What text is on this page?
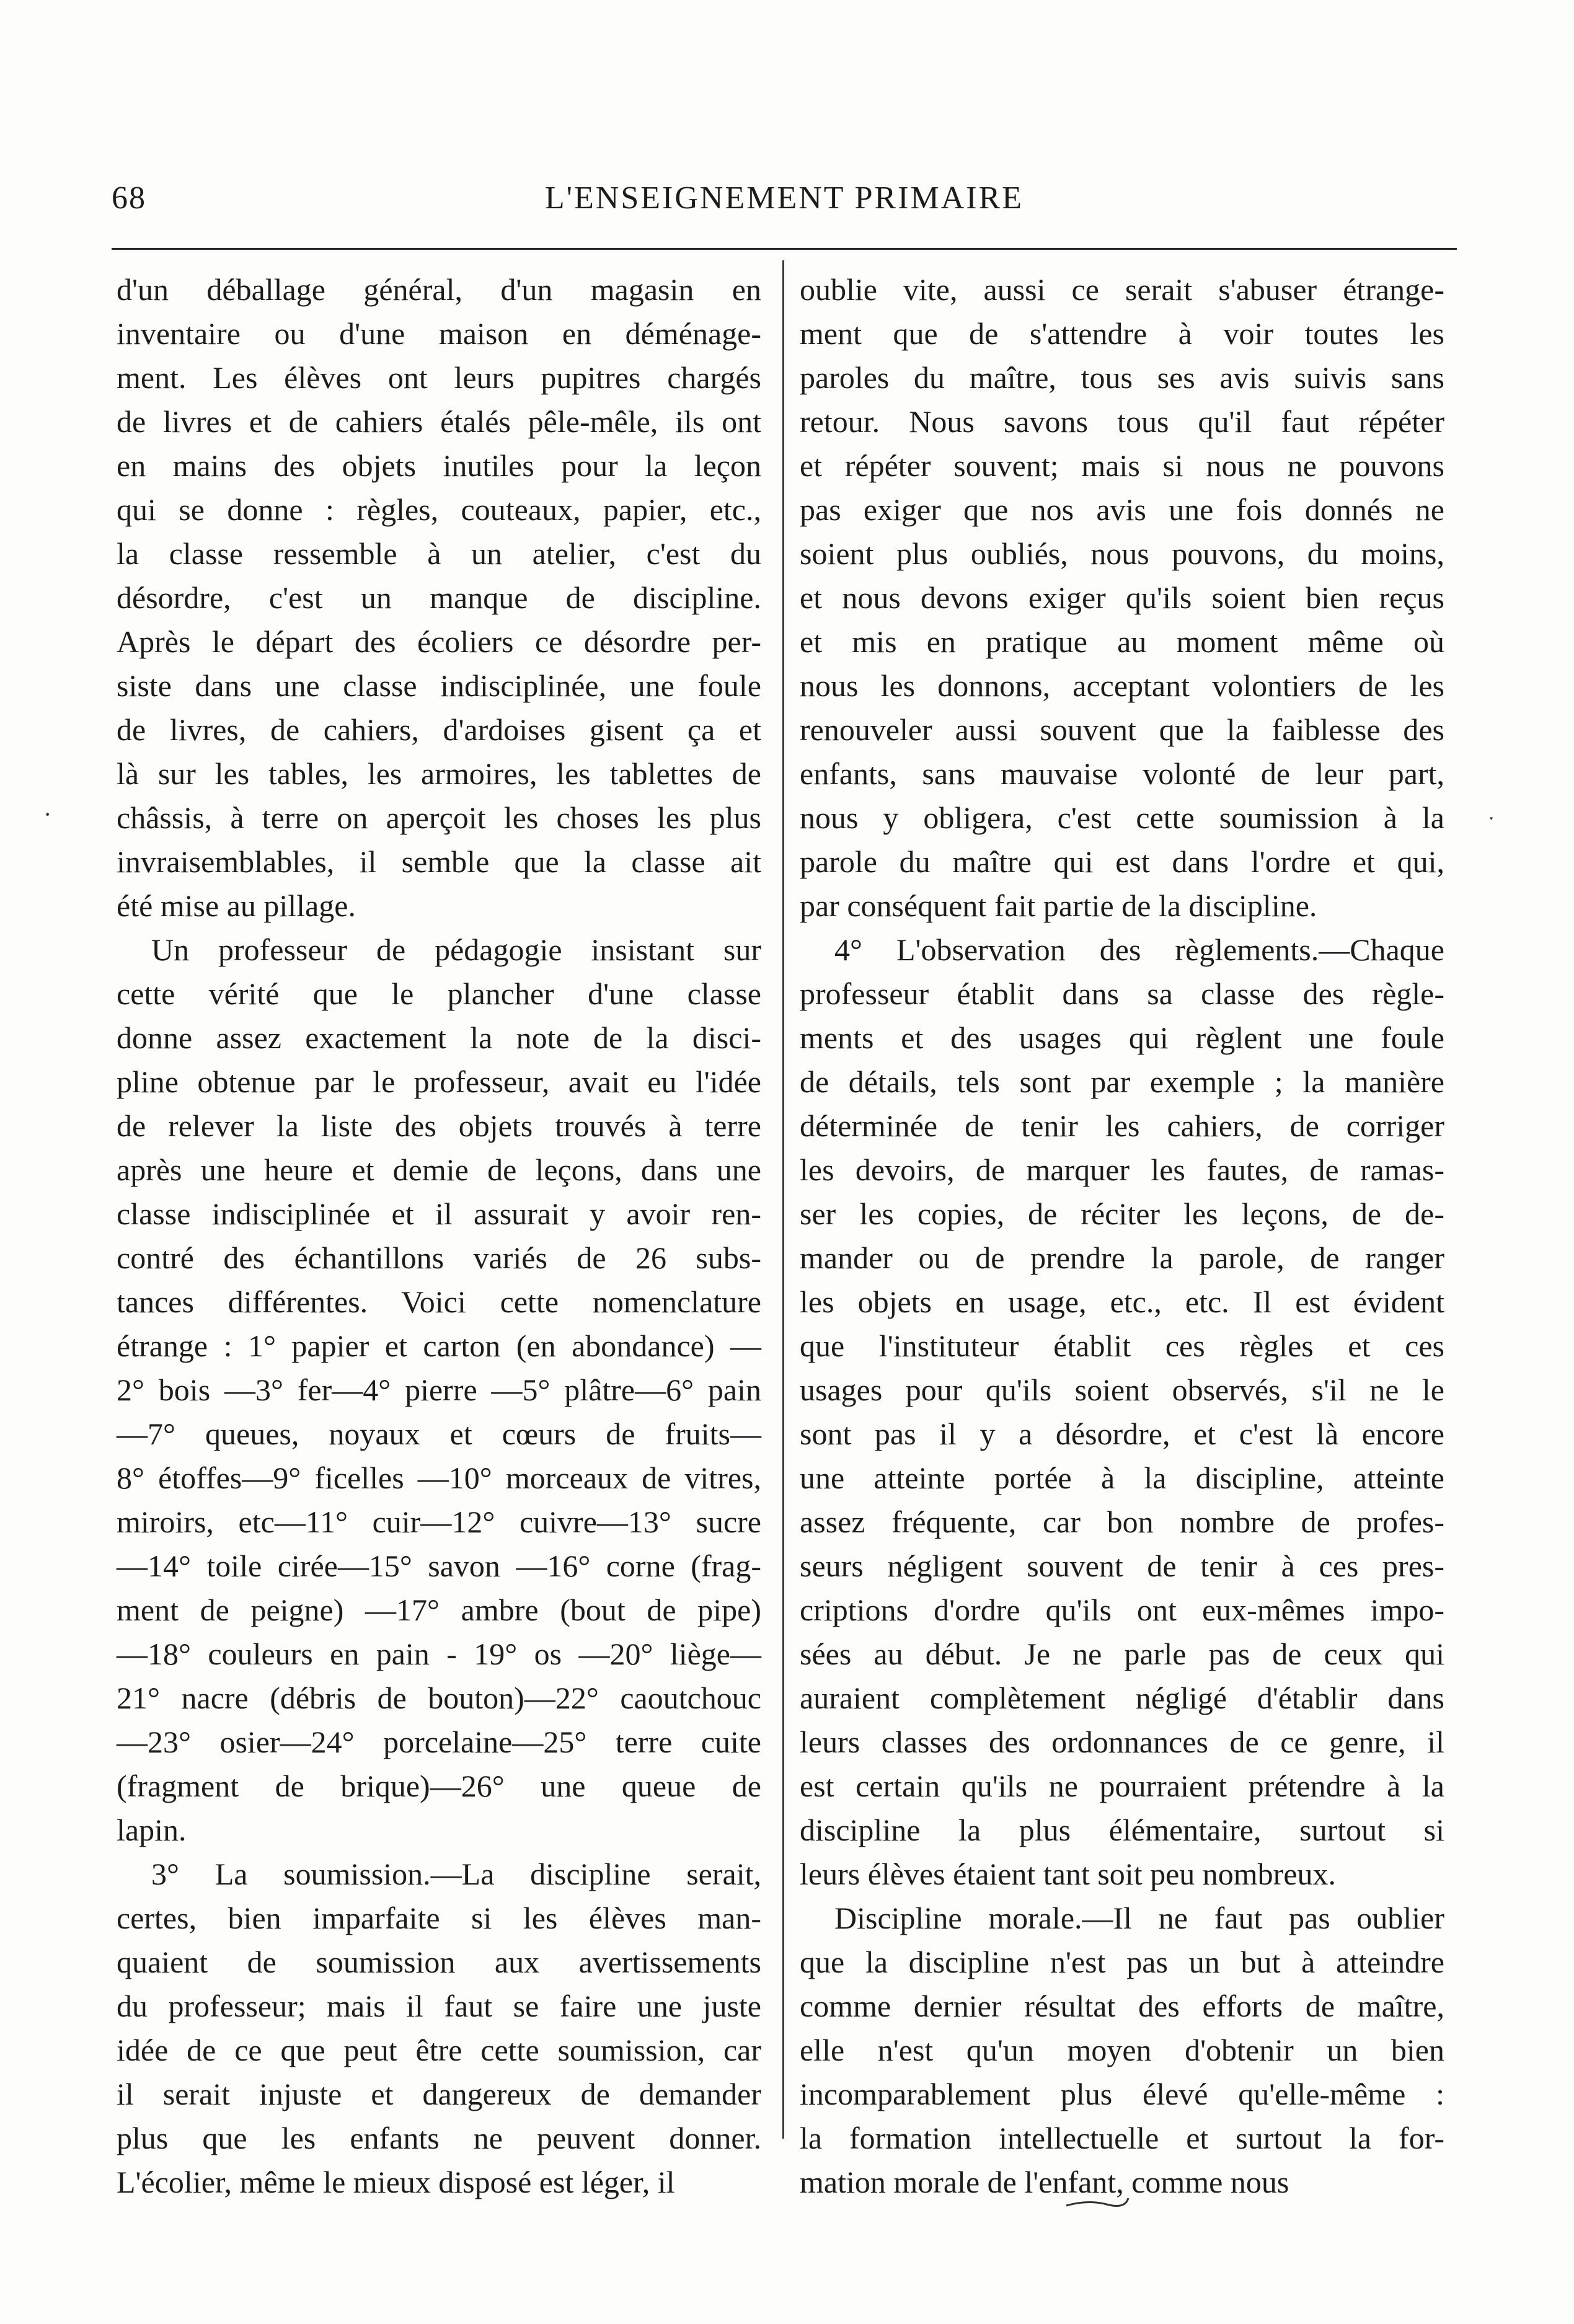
68	L'ENSEIGNEMENT PRIMAIRE
d'un déballage général, d'un magasin en
inventaire ou d'une maison en déménage-
ment. Les élèves ont leurs pupitres chargés
de livres et de cahiers étalés pêle-mêle, ils ont
en mains des objets inutiles pour la leçon
qui se donne : règles, couteaux, papier, etc.,
la classe ressemble à un atelier, c'est du
désordre, c'est un manque de discipline.
Après le départ des écoliers ce désordre per-
siste dans une classe indisciplinée, une foule
de livres, de cahiers, d'ardoises gisent ça et
là sur les tables, les armoires, les tablettes de
châssis, à terre on aperçoit les choses les plus
invraisemblables, il semble que la classe ait
été mise au pillage.
Un professeur de pédagogie insistant sur
cette vérité que le plancher d'une classe
donne assez exactement la note de la disci-
pline obtenue par le professeur, avait eu l'idée
de relever la liste des objets trouvés à terre
après une heure et demie de leçons, dans une
classe indisciplinée et il assurait y avoir ren-
contré des échantillons variés de 26 subs-
tances différentes. Voici cette nomenclature
étrange : 1° papier et carton (en abondance) —
2° bois —3° fer—4° pierre —5° plâtre—6° pain
—7° queues, noyaux et cœurs de fruits—
8° étoffes—9° ficelles —10° morceaux de vitres,
miroirs, etc—11° cuir—12° cuivre—13° sucre
—14° toile cirée—15° savon —16° corne (frag-
ment de peigne) —17° ambre (bout de pipe)
—18° couleurs en pain - 19° os —20° liège—
21° nacre (débris de bouton)—22° caoutchouc
—23° osier—24° porcelaine—25° terre cuite
(fragment de brique)—26° une queue de
lapin.
3° La soumission.—La discipline serait,
certes, bien imparfaite si les élèves man-
quaient de soumission aux avertissements
du professeur; mais il faut se faire une juste
idée de ce que peut être cette soumission, car
il serait injuste et dangereux de demander
plus que les enfants ne peuvent donner.
L'écolier, même le mieux disposé est léger, il
oublie vite, aussi ce serait s'abuser étrange-
ment que de s'attendre à voir toutes les
paroles du maître, tous ses avis suivis sans
retour. Nous savons tous qu'il faut répéter
et répéter souvent; mais si nous ne pouvons
pas exiger que nos avis une fois donnés ne
soient plus oubliés, nous pouvons, du moins,
et nous devons exiger qu'ils soient bien reçus
et mis en pratique au moment même où
nous les donnons, acceptant volontiers de les
renouveler aussi souvent que la faiblesse des
enfants, sans mauvaise volonté de leur part,
nous y obligera, c'est cette soumission à la
parole du maître qui est dans l'ordre et qui,
par conséquent fait partie de la discipline.
4° L'observation des règlements.—Chaque
professeur établit dans sa classe des règle-
ments et des usages qui règlent une foule
de détails, tels sont par exemple ; la manière
déterminée de tenir les cahiers, de corriger
les devoirs, de marquer les fautes, de ramas-
ser les copies, de réciter les leçons, de de-
mander ou de prendre la parole, de ranger
les objets en usage, etc., etc. Il est évident
que l'instituteur établit ces règles et ces
usages pour qu'ils soient observés, s'il ne le
sont pas il y a désordre, et c'est là encore
une atteinte portée à la discipline, atteinte
assez fréquente, car bon nombre de profes-
seurs négligent souvent de tenir à ces pres-
criptions d'ordre qu'ils ont eux-mêmes impo-
sées au début. Je ne parle pas de ceux qui
auraient complètement négligé d'établir dans
leurs classes des ordonnances de ce genre, il
est certain qu'ils ne pourraient prétendre à la
discipline la plus élémentaire, surtout si
leurs élèves étaient tant soit peu nombreux.
Discipline morale.—Il ne faut pas oublier
que la discipline n'est pas un but à atteindre
comme dernier résultat des efforts de maître,
elle n'est qu'un moyen d'obtenir un bien
incomparablement plus élevé qu'elle-même :
la formation intellectuelle et surtout la for-
mation morale de l'enfant, comme nous
·	ˑ
